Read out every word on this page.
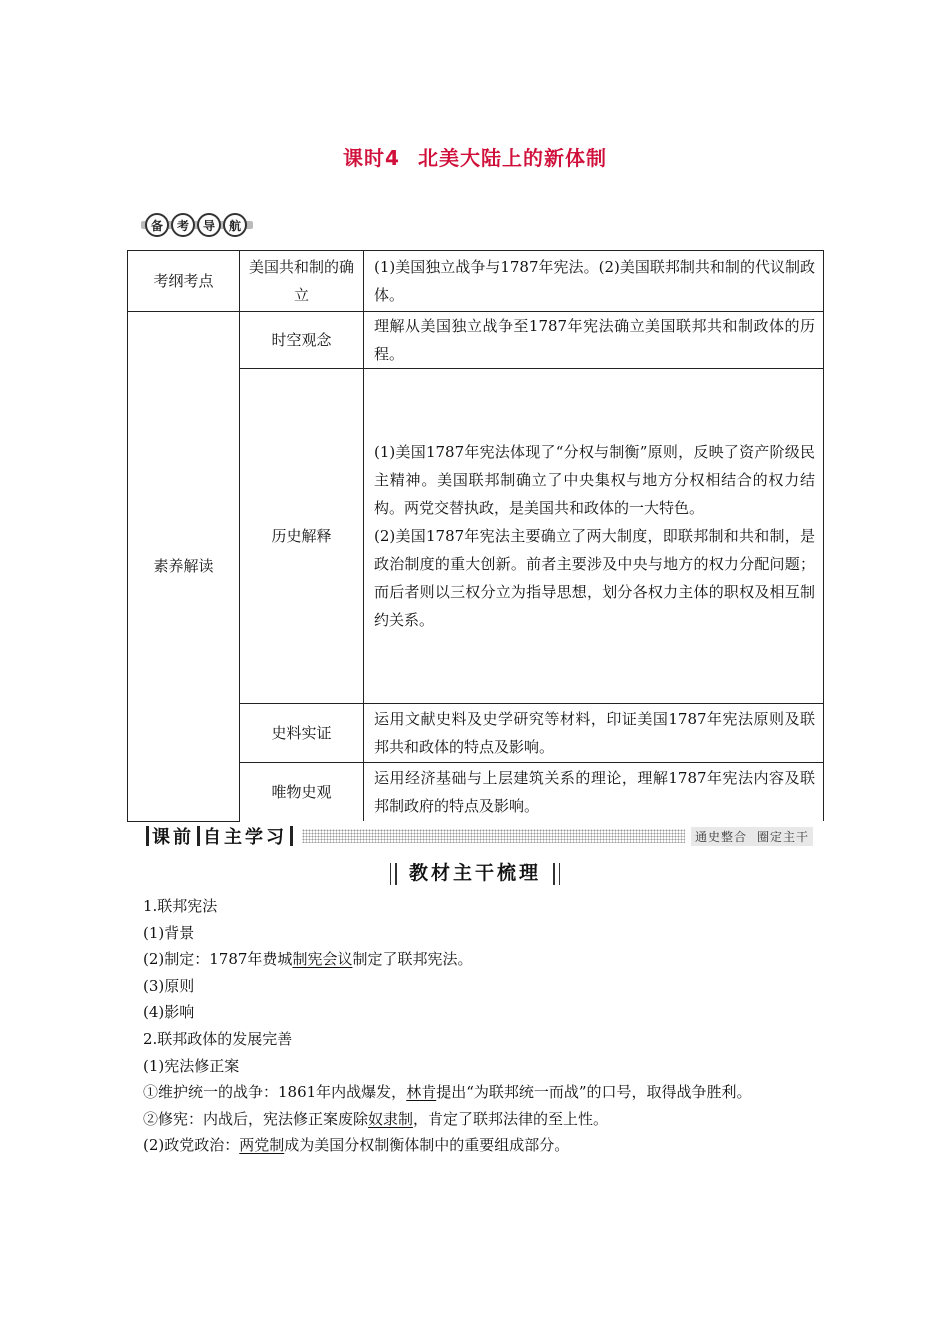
课时4 北美大陆上的新体制
备	考	导	航
考纲考点	美国共和制的确立	(1)美国独立战争与1787年宪法。(2)美国联邦制共和制的代议制政体。
素养解读	时空观念	理解从美国独立战争至1787年宪法确立美国联邦共和制政体的历程。
	历史解释	(1)美国1787年宪法体现了“分权与制衡”原则，反映了资产阶级民主精神。美国联邦制确立了中央集权与地方分权相结合的权力结构。两党交替执政，是美国共和政体的一大特色。
(2)美国1787年宪法主要确立了两大制度，即联邦制和共和制，是政治制度的重大创新。前者主要涉及中央与地方的权力分配问题；而后者则以三权分立为指导思想，划分各权力主体的职权及相互制约关系。

	史料实证	运用文献史料及史学研究等材料，印证美国1787年宪法原则及联邦共和政体的特点及影响。
	唯物史观	运用经济基础与上层建筑关系的理论，理解1787年宪法内容及联邦制政府的特点及影响。
课前 自主学习	通史整合 圈定主干
教材主干梳理

1.联邦宪法

(1)背景

(2)制定：1787年费城制宪会议制定了联邦宪法。

(3)原则

(4)影响

2.联邦政体的发展完善

(1)宪法修正案

①维护统一的战争：1861年内战爆发，林肯提出“为联邦统一而战”的口号，取得战争胜利。

②修宪：内战后，宪法修正案废除奴隶制，肯定了联邦法律的至上性。

(2)政党政治：两党制成为美国分权制衡体制中的重要组成部分。
